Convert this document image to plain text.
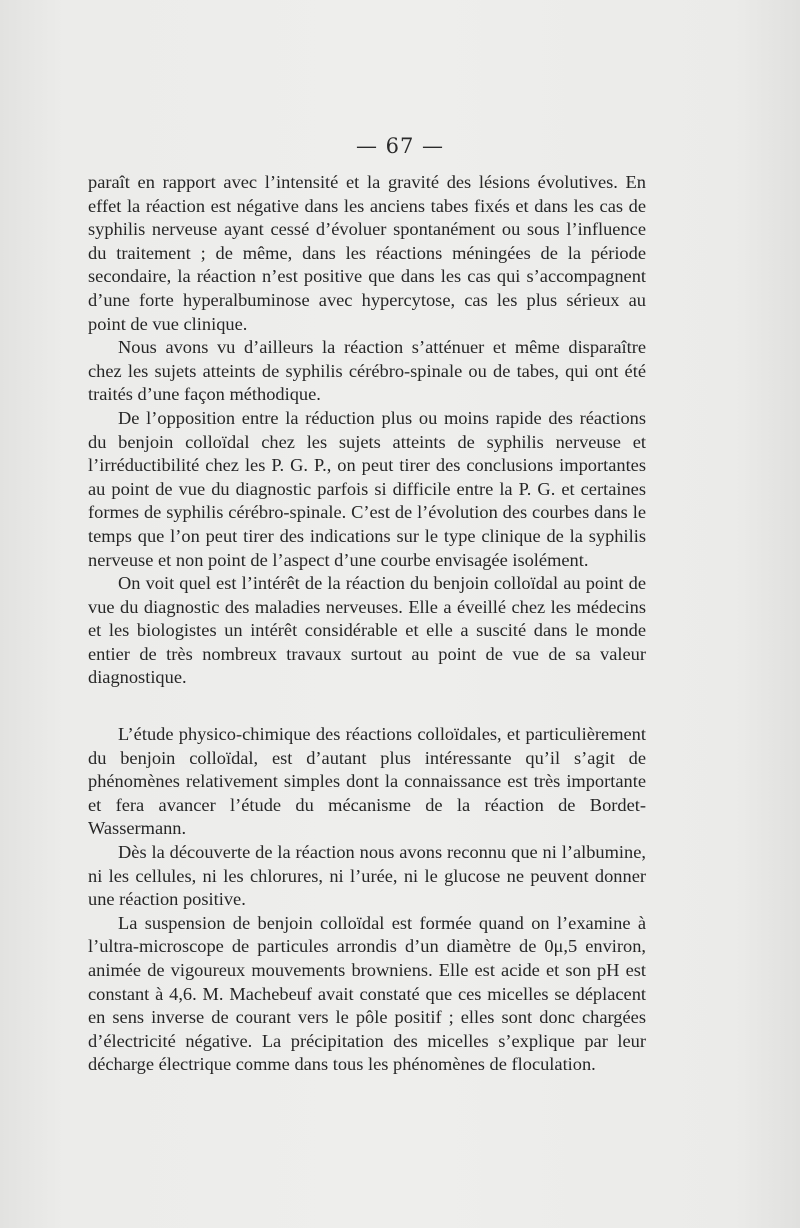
— 67 —

paraît en rapport avec l’intensité et la gravité des lésions évolutives. En effet la réaction est négative dans les anciens tabes fixés et dans les cas de syphilis nerveuse ayant cessé d’évoluer spontanément ou sous l’influence du traitement ; de même, dans les réactions méningées de la période secondaire, la réaction n’est positive que dans les cas qui s’accompagnent d’une forte hyperalbuminose avec hypercytose, cas les plus sérieux au point de vue clinique.

Nous avons vu d’ailleurs la réaction s’atténuer et même disparaître chez les sujets atteints de syphilis cérébro-spinale ou de tabes, qui ont été traités d’une façon méthodique.

De l’opposition entre la réduction plus ou moins rapide des réactions du benjoin colloïdal chez les sujets atteints de syphilis nerveuse et l’irréductibilité chez les P. G. P., on peut tirer des conclusions importantes au point de vue du diagnostic parfois si difficile entre la P. G. et certaines formes de syphilis cérébro-spinale. C’est de l’évolution des courbes dans le temps que l’on peut tirer des indications sur le type clinique de la syphilis nerveuse et non point de l’aspect d’une courbe envisagée isolément.

On voit quel est l’intérêt de la réaction du benjoin colloïdal au point de vue du diagnostic des maladies nerveuses. Elle a éveillé chez les médecins et les biologistes un intérêt considérable et elle a suscité dans le monde entier de très nombreux travaux surtout au point de vue de sa valeur diagnostique.

L’étude physico-chimique des réactions colloïdales, et particulièrement du benjoin colloïdal, est d’autant plus intéressante qu’il s’agit de phénomènes relativement simples dont la connaissance est très importante et fera avancer l’étude du mécanisme de la réaction de Bordet-Wassermann.

Dès la découverte de la réaction nous avons reconnu que ni l’albumine, ni les cellules, ni les chlorures, ni l’urée, ni le glucose ne peuvent donner une réaction positive.

La suspension de benjoin colloïdal est formée quand on l’examine à l’ultra-microscope de particules arrondis d’un diamètre de 0μ,5 environ, animée de vigoureux mouvements browniens. Elle est acide et son pH est constant à 4,6. M. Machebeuf avait constaté que ces micelles se déplacent en sens inverse de courant vers le pôle positif ; elles sont donc chargées d’électricité négative. La précipitation des micelles s’explique par leur décharge électrique comme dans tous les phénomènes de floculation.
